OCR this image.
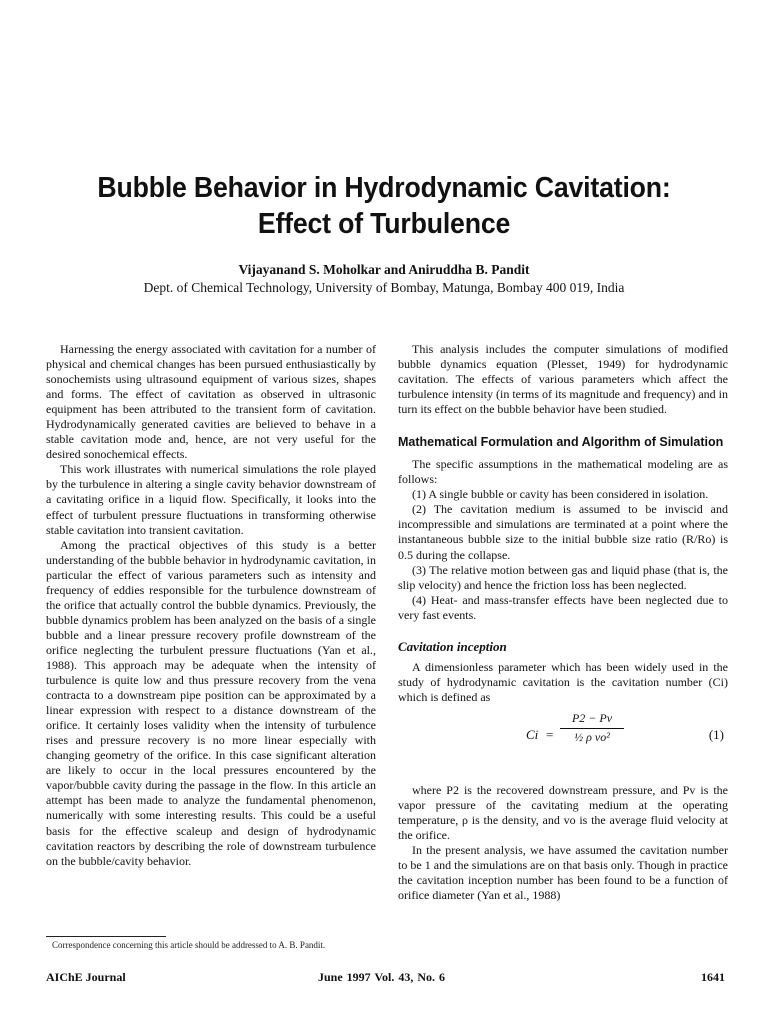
Bubble Behavior in Hydrodynamic Cavitation:
Effect of Turbulence
Vijayanand S. Moholkar and Aniruddha B. Pandit
Dept. of Chemical Technology, University of Bombay, Matunga, Bombay 400 019, India

Harnessing the energy associated with cavitation for a number of physical and chemical changes has been pursued enthusiastically by sonochemists using ultrasound equipment of various sizes, shapes and forms. The effect of cavitation as observed in ultrasonic equipment has been attributed to the transient form of cavitation. Hydrodynamically generated cavities are believed to behave in a stable cavitation mode and, hence, are not very useful for the desired sonochemical effects.

This work illustrates with numerical simulations the role played by the turbulence in altering a single cavity behavior downstream of a cavitating orifice in a liquid flow. Specifically, it looks into the effect of turbulent pressure fluctuations in transforming otherwise stable cavitation into transient cavitation.

Among the practical objectives of this study is a better understanding of the bubble behavior in hydrodynamic cavitation, in particular the effect of various parameters such as intensity and frequency of eddies responsible for the turbulence downstream of the orifice that actually control the bubble dynamics. Previously, the bubble dynamics problem has been analyzed on the basis of a single bubble and a linear pressure recovery profile downstream of the orifice neglecting the turbulent pressure fluctuations (Yan et al., 1988). This approach may be adequate when the intensity of turbulence is quite low and thus pressure recovery from the vena contracta to a downstream pipe position can be approximated by a linear expression with respect to a distance downstream of the orifice. It certainly loses validity when the intensity of turbulence rises and pressure recovery is no more linear especially with changing geometry of the orifice. In this case significant alteration are likely to occur in the local pressures encountered by the vapor/bubble cavity during the passage in the flow. In this article an attempt has been made to analyze the fundamental phenomenon, numerically with some interesting results. This could be a useful basis for the effective scaleup and design of hydrodynamic cavitation reactors by describing the role of downstream turbulence on the bubble/cavity behavior.

This analysis includes the computer simulations of modified bubble dynamics equation (Plesset, 1949) for hydrodynamic cavitation. The effects of various parameters which affect the turbulence intensity (in terms of its magnitude and frequency) and in turn its effect on the bubble behavior have been studied.

Mathematical Formulation and Algorithm of Simulation

The specific assumptions in the mathematical modeling are as follows:

(1) A single bubble or cavity has been considered in isolation.

(2) The cavitation medium is assumed to be inviscid and incompressible and simulations are terminated at a point where the instantaneous bubble size to the initial bubble size ratio (R/Ro) is 0.5 during the collapse.

(3) The relative motion between gas and liquid phase (that is, the slip velocity) and hence the friction loss has been neglected.

(4) Heat- and mass-transfer effects have been neglected due to very fast events.

Cavitation inception

A dimensionless parameter which has been widely used in the study of hydrodynamic cavitation is the cavitation number (Ci) which is defined as

$Ci = \frac{P2 - Pv}{\text{½ ρ vo²}}$	(1)

where P2 is the recovered downstream pressure, and Pv is the vapor pressure of the cavitating medium at the operating temperature, ρ is the density, and vo is the average fluid velocity at the orifice.

In the present analysis, we have assumed the cavitation number to be 1 and the simulations are on that basis only. Though in practice the cavitation inception number has been found to be a function of orifice diameter (Yan et al., 1988)

Correspondence concerning this article should be addressed to A. B. Pandit.
AIChE Journal	June 1997 Vol. 43, No. 6	1641
